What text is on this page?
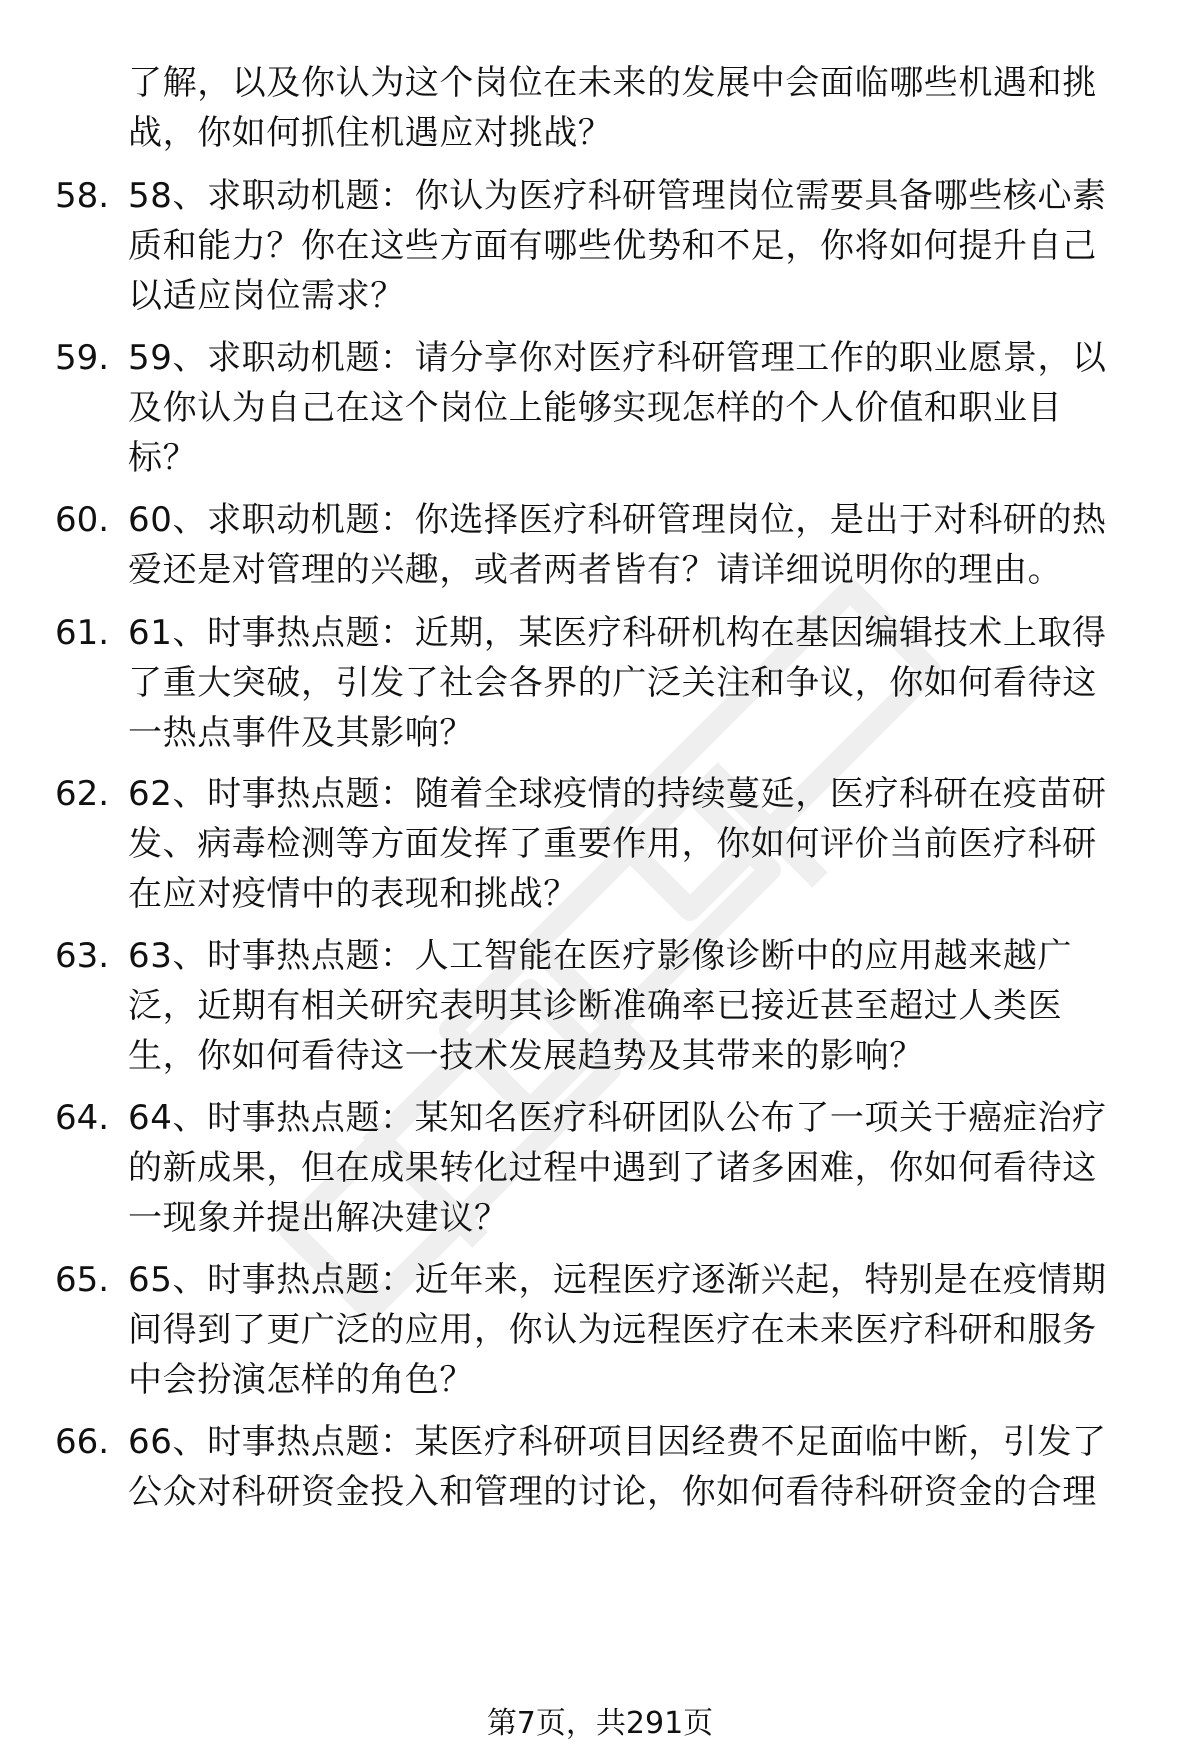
了解，以及你认为这个岗位在未来的发展中会面临哪些机遇和挑
战，你如何抓住机遇应对挑战？
58. 58、求职动机题：你认为医疗科研管理岗位需要具备哪些核心素
质和能力？你在这些方面有哪些优势和不足，你将如何提升自己
以适应岗位需求？
59. 59、求职动机题：请分享你对医疗科研管理工作的职业愿景，以
及你认为自己在这个岗位上能够实现怎样的个人价值和职业目
标？
60. 60、求职动机题：你选择医疗科研管理岗位，是出于对科研的热
爱还是对管理的兴趣，或者两者皆有？请详细说明你的理由。
61. 61、时事热点题：近期，某医疗科研机构在基因编辑技术上取得
了重大突破，引发了社会各界的广泛关注和争议，你如何看待这
一热点事件及其影响？
62. 62、时事热点题：随着全球疫情的持续蔓延，医疗科研在疫苗研
发、病毒检测等方面发挥了重要作用，你如何评价当前医疗科研
在应对疫情中的表现和挑战？
63. 63、时事热点题：人工智能在医疗影像诊断中的应用越来越广
泛，近期有相关研究表明其诊断准确率已接近甚至超过人类医
生，你如何看待这一技术发展趋势及其带来的影响？
64. 64、时事热点题：某知名医疗科研团队公布了一项关于癌症治疗
的新成果，但在成果转化过程中遇到了诸多困难，你如何看待这
一现象并提出解决建议？
65. 65、时事热点题：近年来，远程医疗逐渐兴起，特别是在疫情期
间得到了更广泛的应用，你认为远程医疗在未来医疗科研和服务
中会扮演怎样的角色？
66. 66、时事热点题：某医疗科研项目因经费不足面临中断，引发了
公众对科研资金投入和管理的讨论，你如何看待科研资金的合理
第7页，共291页
